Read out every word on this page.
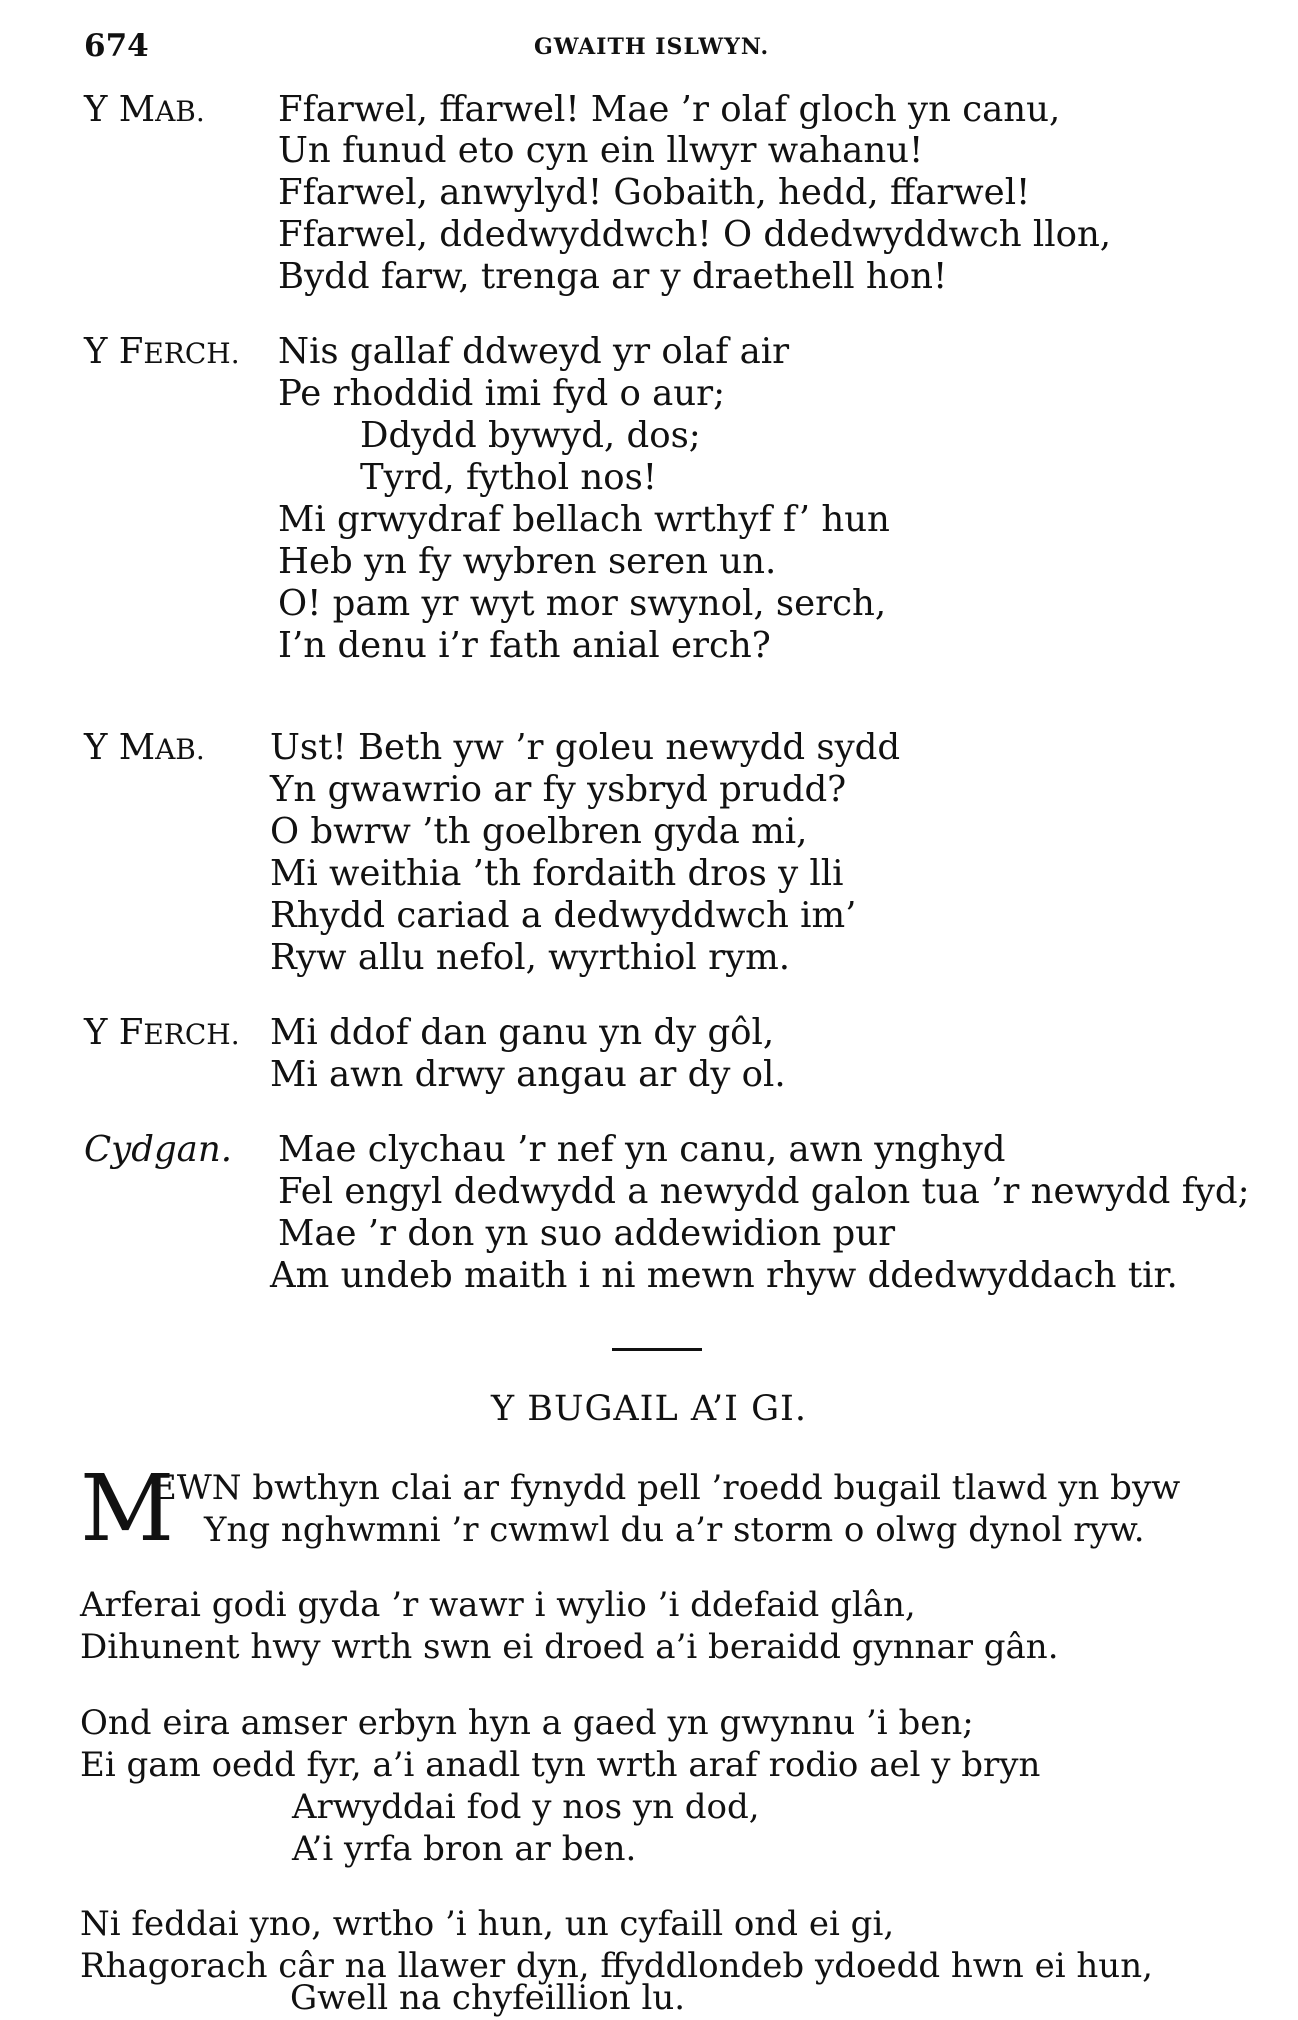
674	GWAITH ISLWYN.
Y MAB. Ffarwel, ffarwel! Mae ’r olaf gloch yn canu,
Un funud eto cyn ein llwyr wahanu!
Ffarwel, anwylyd! Gobaith, hedd, ffarwel!
Ffarwel, ddedwyddwch! O ddedwyddwch llon,
Bydd farw, trenga ar y draethell hon!
Y FERCH. Nis gallaf ddweyd yr olaf air
Pe rhoddid imi fyd o aur;
Ddydd bywyd, dos;
Tyrd, fythol nos!
Mi grwydraf bellach wrthyf f’ hun
Heb yn fy wybren seren un.
O! pam yr wyt mor swynol, serch,
I’n denu i’r fath anial erch?
Y MAB. Ust! Beth yw ’r goleu newydd sydd
Yn gwawrio ar fy ysbryd prudd?
O bwrw ’th goelbren gyda mi,
Mi weithia ’th fordaith dros y lli
Rhydd cariad a dedwyddwch im’
Ryw allu nefol, wyrthiol rym.
Y FERCH. Mi ddof dan ganu yn dy gôl,
Mi awn drwy angau ar dy ol.
Cydgan. Mae clychau ’r nef yn canu, awn ynghyd
Fel engyl dedwydd a newydd galon tua ’r newydd fyd;
Mae ’r don yn suo addewidion pur
Am undeb maith i ni mewn rhyw ddedwyddach tir.
Y BUGAIL A’I GI.
M
EWN bwthyn clai ar fynydd pell ’roedd bugail tlawd yn byw
Yng nghwmni ’r cwmwl du a’r storm o olwg dynol ryw.
Arferai godi gyda ’r wawr i wylio ’i ddefaid glân,
Dihunent hwy wrth swn ei droed a’i beraidd gynnar gân.
Ond eira amser erbyn hyn a gaed yn gwynnu ’i ben;
Ei gam oedd fyr, a’i anadl tyn wrth araf rodio ael y bryn
Arwyddai fod y nos yn dod,
A’i yrfa bron ar ben.
Ni feddai yno, wrtho ’i hun, un cyfaill ond ei gi,
Rhagorach câr na llawer dyn, ffyddlondeb ydoedd hwn ei hun,
Gwell na chyfeillion lu.
